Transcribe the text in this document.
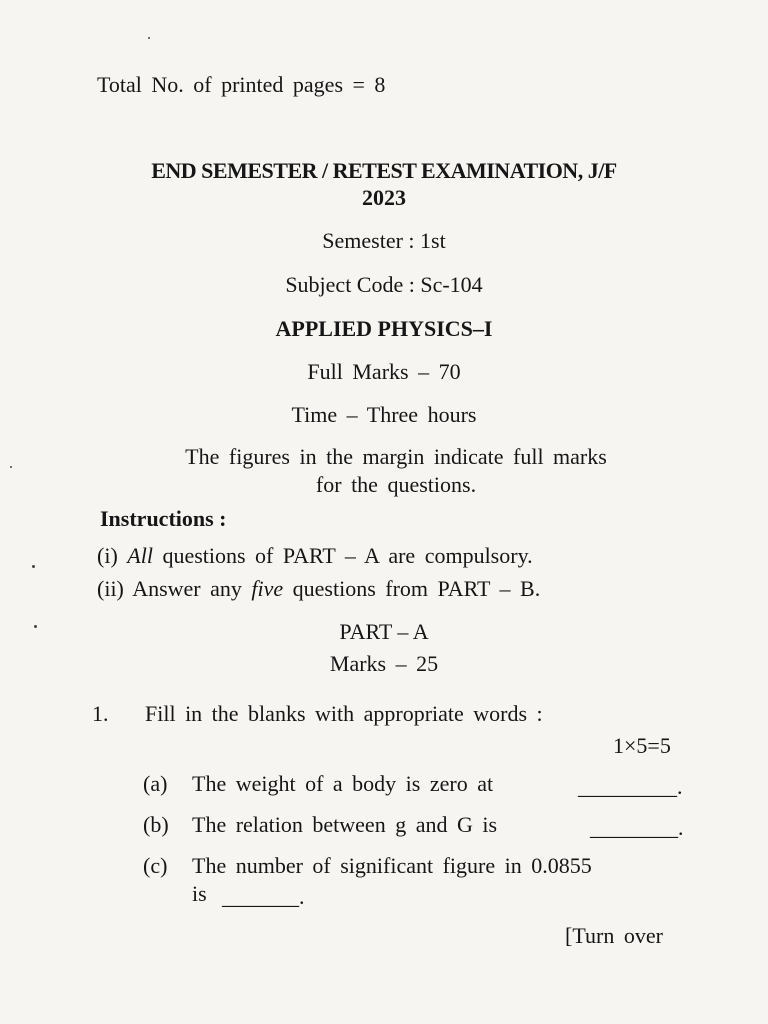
Total No. of printed pages = 8
END SEMESTER / RETEST EXAMINATION, J/F
2023
Semester : 1st
Subject Code : Sc-104
APPLIED PHYSICS–I
Full Marks – 70
Time – Three hours
The figures in the margin indicate full marks
for the questions.
Instructions :
(i) All questions of PART – A are compulsory.
(ii) Answer any five questions from PART – B.
PART – A
Marks – 25
1. Fill in the blanks with appropriate words :
1×5=5
(a) The weight of a body is zero at	_________.
(b) The relation between g and G is	________.
(c) The number of significant figure in 0.0855
is _______.
[Turn over
